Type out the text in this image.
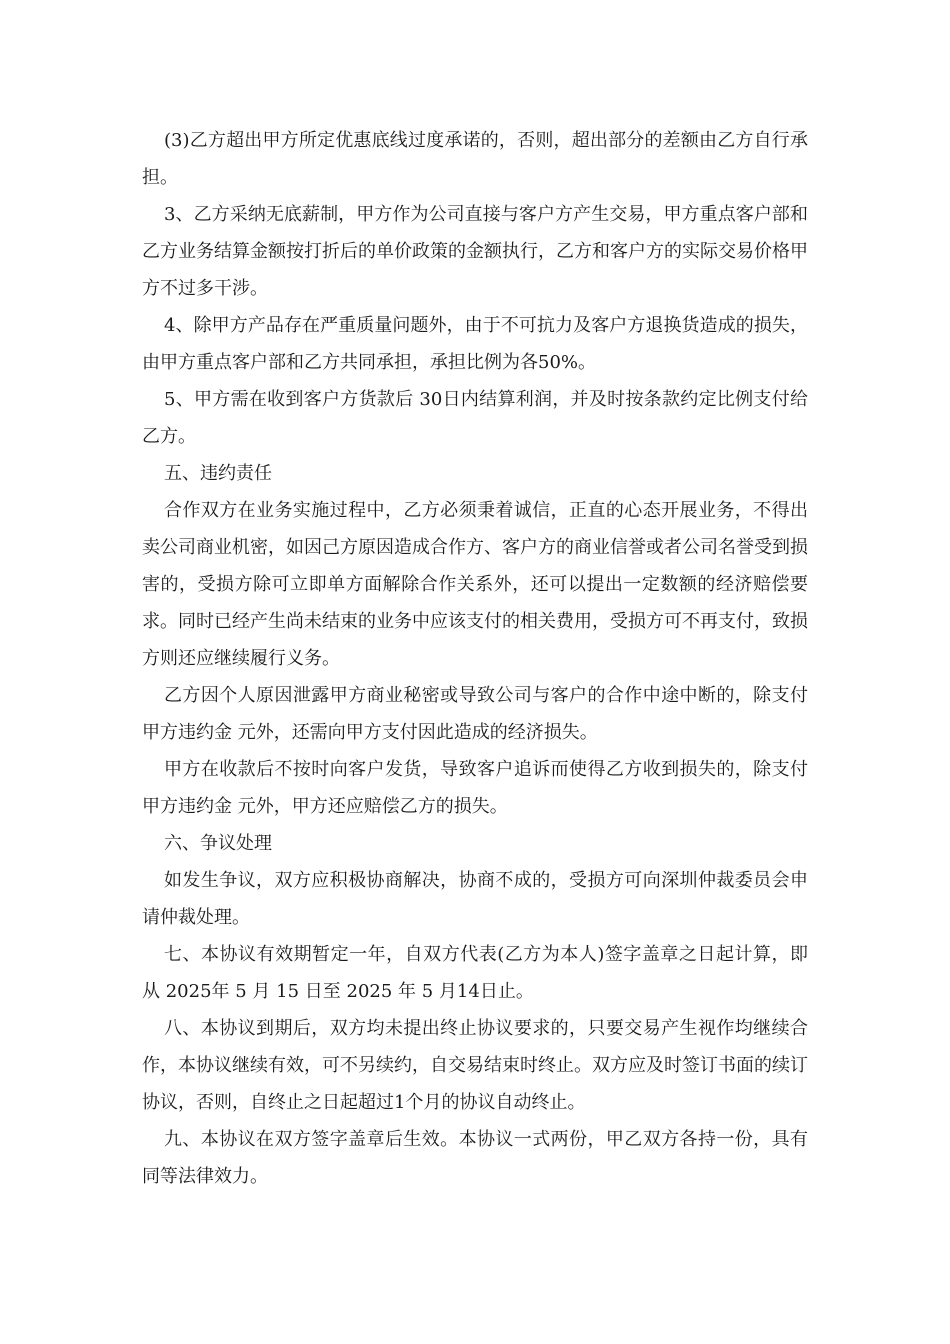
(3)乙方超出甲方所定优惠底线过度承诺的，否则，超出部分的差额由乙方自行承担。

3、乙方采纳无底薪制，甲方作为公司直接与客户方产生交易，甲方重点客户部和乙方业务结算金额按打折后的单价政策的金额执行，乙方和客户方的实际交易价格甲方不过多干涉。

4、除甲方产品存在严重质量问题外，由于不可抗力及客户方退换货造成的损失，由甲方重点客户部和乙方共同承担，承担比例为各50%。

5、甲方需在收到客户方货款后 30日内结算利润，并及时按条款约定比例支付给乙方。

五、违约责任

合作双方在业务实施过程中，乙方必须秉着诚信，正直的心态开展业务，不得出卖公司商业机密，如因己方原因造成合作方、客户方的商业信誉或者公司名誉受到损害的，受损方除可立即单方面解除合作关系外，还可以提出一定数额的经济赔偿要求。同时已经产生尚未结束的业务中应该支付的相关费用，受损方可不再支付，致损方则还应继续履行义务。

乙方因个人原因泄露甲方商业秘密或导致公司与客户的合作中途中断的，除支付甲方违约金 元外，还需向甲方支付因此造成的经济损失。

甲方在收款后不按时向客户发货，导致客户追诉而使得乙方收到损失的，除支付甲方违约金 元外，甲方还应赔偿乙方的损失。

六、争议处理

如发生争议，双方应积极协商解决，协商不成的，受损方可向深圳仲裁委员会申请仲裁处理。

七、本协议有效期暂定一年，自双方代表(乙方为本人)签字盖章之日起计算，即从 2025年 5 月 15 日至 2025 年 5 月14日止。

八、本协议到期后，双方均未提出终止协议要求的，只要交易产生视作均继续合作，本协议继续有效，可不另续约，自交易结束时终止。双方应及时签订书面的续订协议，否则，自终止之日起超过1个月的协议自动终止。

九、本协议在双方签字盖章后生效。本协议一式两份，甲乙双方各持一份，具有同等法律效力。
